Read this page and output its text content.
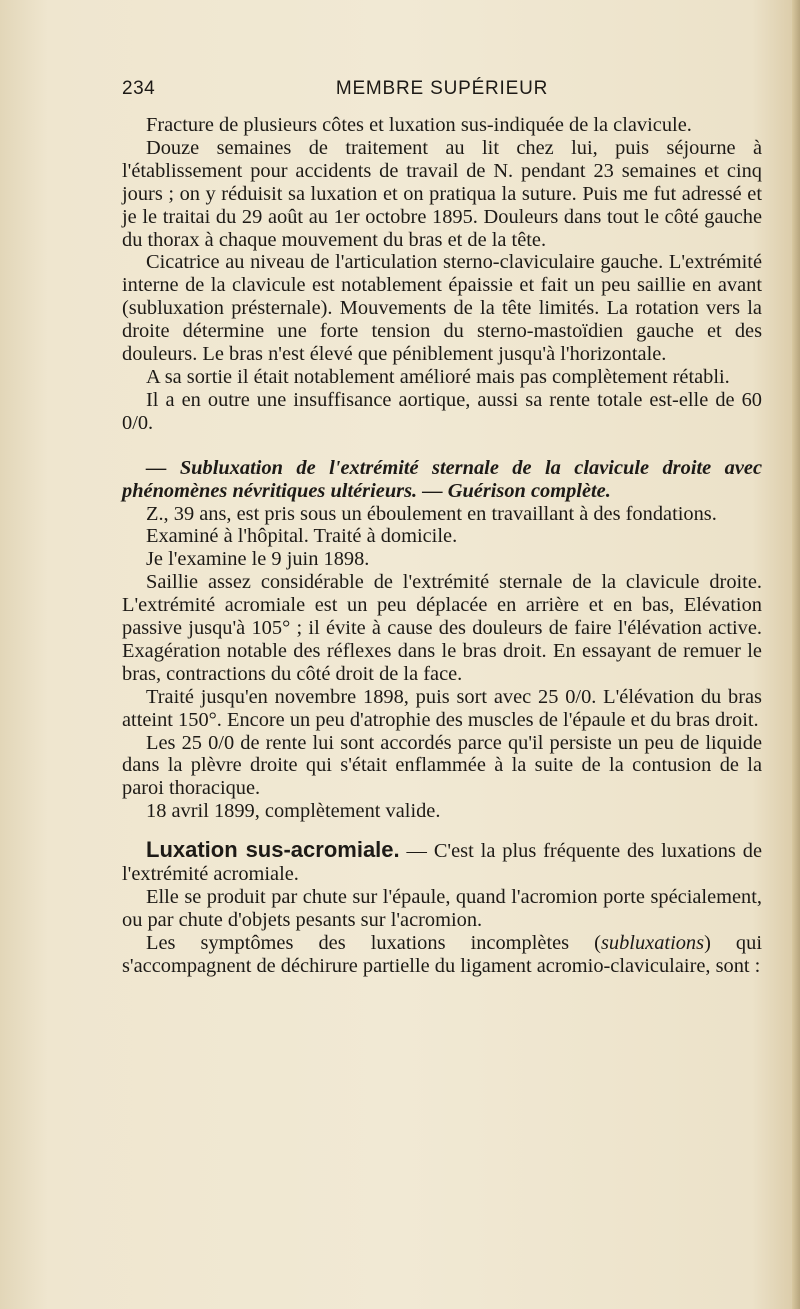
234	MEMBRE SUPÉRIEUR

Fracture de plusieurs côtes et luxation sus-indiquée de la clavicule.

Douze semaines de traitement au lit chez lui, puis séjourne à l'établissement pour accidents de travail de N. pendant 23 semaines et cinq jours ; on y réduisit sa luxation et on pratiqua la suture. Puis me fut adressé et je le traitai du 29 août au 1er octobre 1895. Douleurs dans tout le côté gauche du thorax à chaque mouvement du bras et de la tête.

Cicatrice au niveau de l'articulation sterno-claviculaire gauche. L'extrémité interne de la clavicule est notablement épaissie et fait un peu saillie en avant (subluxation présternale). Mouvements de la tête limités. La rotation vers la droite détermine une forte tension du sterno-mastoïdien gauche et des douleurs. Le bras n'est élevé que péniblement jusqu'à l'horizontale.

A sa sortie il était notablement amélioré mais pas complètement rétabli.

Il a en outre une insuffisance aortique, aussi sa rente totale est-elle de 60 0/0.

— Subluxation de l'extrémité sternale de la clavicule droite avec phénomènes névritiques ultérieurs. — Guérison complète.

Z., 39 ans, est pris sous un éboulement en travaillant à des fondations.

Examiné à l'hôpital. Traité à domicile.

Je l'examine le 9 juin 1898.

Saillie assez considérable de l'extrémité sternale de la clavicule droite. L'extrémité acromiale est un peu déplacée en arrière et en bas, Elévation passive jusqu'à 105° ; il évite à cause des douleurs de faire l'élévation active. Exagération notable des réflexes dans le bras droit. En essayant de remuer le bras, contractions du côté droit de la face.

Traité jusqu'en novembre 1898, puis sort avec 25 0/0. L'élévation du bras atteint 150°. Encore un peu d'atrophie des muscles de l'épaule et du bras droit.

Les 25 0/0 de rente lui sont accordés parce qu'il persiste un peu de liquide dans la plèvre droite qui s'était enflammée à la suite de la contusion de la paroi thoracique.

18 avril 1899, complètement valide.

Luxation sus-acromiale. — C'est la plus fréquente des luxations de l'extrémité acromiale.

Elle se produit par chute sur l'épaule, quand l'acromion porte spécialement, ou par chute d'objets pesants sur l'acromion.

Les symptômes des luxations incomplètes (subluxations) qui s'accompagnent de déchirure partielle du ligament acromio-claviculaire, sont :
